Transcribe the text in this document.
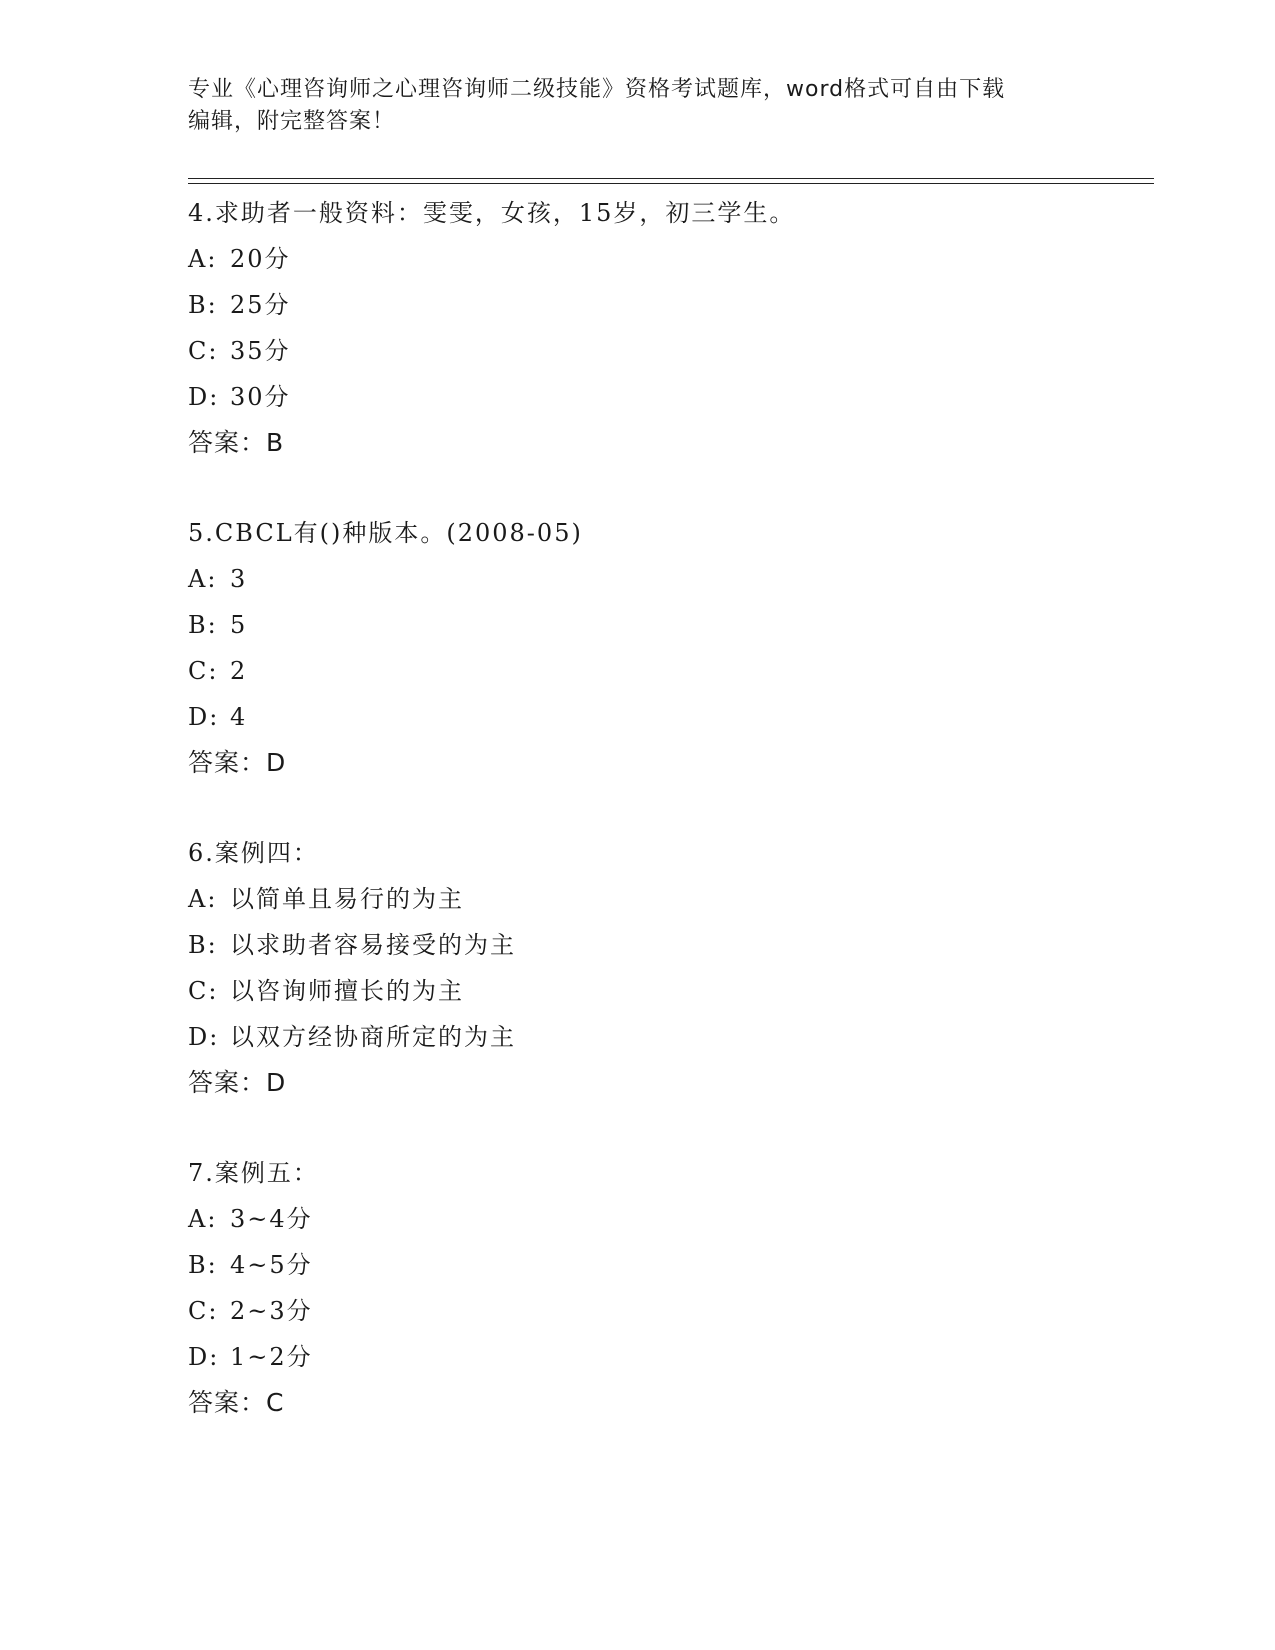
专业《心理咨询师之心理咨询师二级技能》资格考试题库，word格式可自由下载
编辑，附完整答案！
4.求助者一般资料：雯雯，女孩，15岁，初三学生。
A: 20分
B: 25分
C: 35分
D: 30分
答案：B
5.CBCL有()种版本。(2008-05)
A: 3
B: 5
C: 2
D: 4
答案：D
6.案例四：
A: 以简单且易行的为主
B: 以求助者容易接受的为主
C: 以咨询师擅长的为主
D: 以双方经协商所定的为主
答案：D
7.案例五：
A: 3~4分
B: 4~5分
C: 2~3分
D: 1~2分
答案：C
